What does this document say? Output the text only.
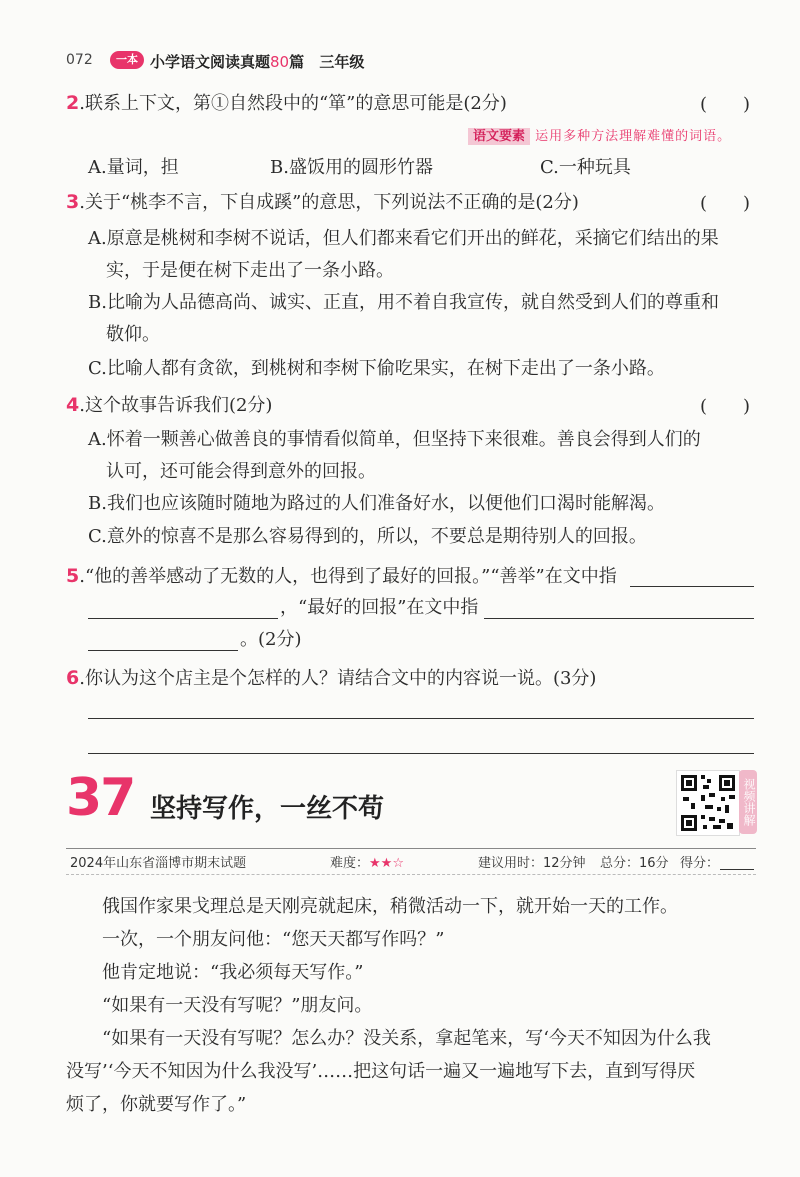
072	一本 小学语文阅读真题80篇 三年级
2.联系上下文，第①自然段中的“箪”的意思可能是(2分)	(　　)
语文要素 运用多种方法理解难懂的词语。
A.量词，担	B.盛饭用的圆形竹器	C.一种玩具
3.关于“桃李不言，下自成蹊”的意思，下列说法不正确的是(2分)	(　　)
A.原意是桃树和李树不说话，但人们都来看它们开出的鲜花，采摘它们结出的果
实，于是便在树下走出了一条小路。
B.比喻为人品德高尚、诚实、正直，用不着自我宣传，就自然受到人们的尊重和
敬仰。
C.比喻人都有贪欲，到桃树和李树下偷吃果实，在树下走出了一条小路。
4.这个故事告诉我们(2分)	(　　)
A.怀着一颗善心做善良的事情看似简单，但坚持下来很难。善良会得到人们的
认可，还可能会得到意外的回报。
B.我们也应该随时随地为路过的人们准备好水，以便他们口渴时能解渴。
C.意外的惊喜不是那么容易得到的，所以，不要总是期待别人的回报。
5.“他的善举感动了无数的人，也得到了最好的回报。”“善举”在文中指
，“最好的回报”在文中指
。(2分)
6.你认为这个店主是个怎样的人？请结合文中的内容说一说。(3分)
37 坚持写作，一丝不苟	视频讲解
2024年山东省淄博市期末试题	难度：★★☆	建议用时：12分钟 总分：16分 得分：
　　俄国作家果戈理总是天刚亮就起床，稍微活动一下，就开始一天的工作。
　　一次，一个朋友问他：“您天天都写作吗？”
　　他肯定地说：“我必须每天写作。”
　　“如果有一天没有写呢？”朋友问。
　　“如果有一天没有写呢？怎么办？没关系，拿起笔来，写‘今天不知因为什么我
没写’‘今天不知因为什么我没写’……把这句话一遍又一遍地写下去，直到写得厌
烦了，你就要写作了。”
